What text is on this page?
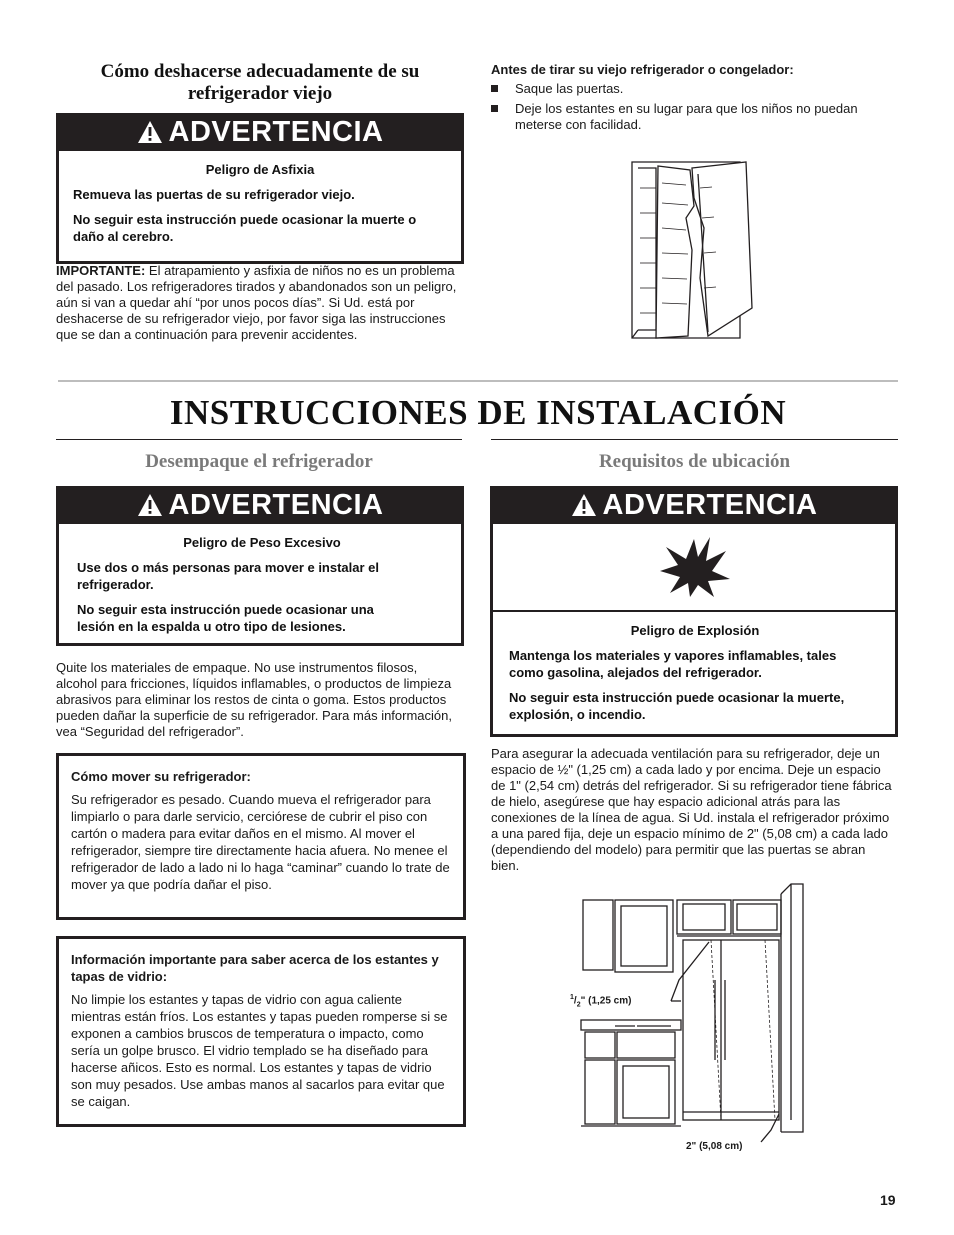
Cómo deshacerse adecuadamente de su refrigerador viejo
ADVERTENCIA
Peligro de Asfixia

Remueva las puertas de su refrigerador viejo.

No seguir esta instrucción puede ocasionar la muerte o daño al cerebro.

IMPORTANTE: El atrapamiento y asfixia de niños no es un problema del pasado. Los refrigeradores tirados y abandonados son un peligro, aún si van a quedar ahí “por unos pocos días”. Si Ud. está por deshacerse de su refrigerador viejo, por favor siga las instrucciones que se dan a continuación para prevenir accidentes.
Antes de tirar su viejo refrigerador o congelador:
Saque las puertas.
Deje los estantes en su lugar para que los niños no puedan meterse con facilidad.
INSTRUCCIONES DE INSTALACIÓN
Desempaque el refrigerador
ADVERTENCIA
Peligro de Peso Excesivo

Use dos o más personas para mover e instalar el refrigerador.

No seguir esta instrucción puede ocasionar una lesión en la espalda u otro tipo de lesiones.

Quite los materiales de empaque. No use instrumentos filosos, alcohol para fricciones, líquidos inflamables, o productos de limpieza abrasivos para eliminar los restos de cinta o goma. Estos productos pueden dañar la superficie de su refrigerador. Para más información, vea “Seguridad del refrigerador”.
Cómo mover su refrigerador:
Su refrigerador es pesado. Cuando mueva el refrigerador para limpiarlo o para darle servicio, cerciórese de cubrir el piso con cartón o madera para evitar daños en el mismo. Al mover el refrigerador, siempre tire directamente hacia afuera. No menee el refrigerador de lado a lado ni lo haga “caminar” cuando lo trate de mover ya que podría dañar el piso.
Información importante para saber acerca de los estantes y tapas de vidrio:
No limpie los estantes y tapas de vidrio con agua caliente mientras están fríos. Los estantes y tapas pueden romperse si se exponen a cambios bruscos de temperatura o impacto, como sería un golpe brusco. El vidrio templado se ha diseñado para hacerse añicos. Esto es normal. Los estantes y tapas de vidrio son muy pesados. Use ambas manos al sacarlos para evitar que se caigan.
Requisitos de ubicación
ADVERTENCIA
Peligro de Explosión

Mantenga los materiales y vapores inflamables, tales como gasolina, alejados del refrigerador.

No seguir esta instrucción puede ocasionar la muerte, explosión, o incendio.

Para asegurar la adecuada ventilación para su refrigerador, deje un espacio de ½" (1,25 cm) a cada lado y por encima. Deje un espacio de 1" (2,54 cm) detrás del refrigerador. Si su refrigerador tiene fábrica de hielo, asegúrese que hay espacio adicional atrás para las conexiones de la línea de agua. Si Ud. instala el refrigerador próximo a una pared fija, deje un espacio mínimo de 2" (5,08 cm) a cada lado (dependiendo del modelo) para permitir que las puertas se abran bien.
$^1/_2$" (1,25 cm)
2" (5,08 cm)
19
